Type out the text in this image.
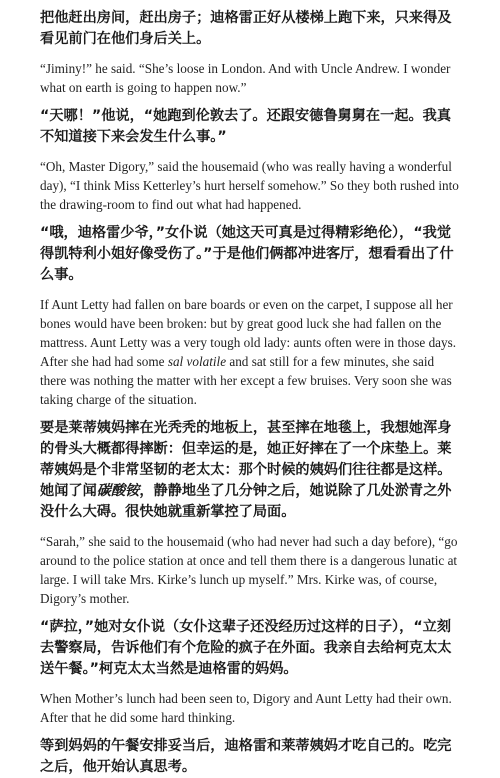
把他赶出房间，赶出房子；迪格雷正好从楼梯上跑下来，只来得及看见前门在他们身后关上。

“Jiminy!” he said. “She’s loose in London. And with Uncle Andrew. I wonder what on earth is going to happen now.”

“天哪！”他说，“她跑到伦敦去了。还跟安德鲁舅舅在一起。我真不知道接下来会发生什么事。”

“Oh, Master Digory,” said the housemaid (who was really having a wonderful day), “I think Miss Ketterley’s hurt herself somehow.” So they both rushed into the drawing-room to find out what had happened.

“哦，迪格雷少爷，”女仆说（她这天可真是过得精彩绝伦），“我觉得凯特利小姐好像受伤了。”于是他们俩都冲进客厅，想看看出了什么事。

If Aunt Letty had fallen on bare boards or even on the carpet, I suppose all her bones would have been broken: but by great good luck she had fallen on the mattress. Aunt Letty was a very tough old lady: aunts often were in those days. After she had had some sal volatile and sat still for a few minutes, she said there was nothing the matter with her except a few bruises. Very soon she was taking charge of the situation.

要是莱蒂姨妈摔在光秃秃的地板上，甚至摔在地毯上，我想她浑身的骨头大概都得摔断：但幸运的是，她正好摔在了一个床垫上。莱蒂姨妈是个非常坚韧的老太太：那个时候的姨妈们往往都是这样。她闻了闻碳酸铵，静静地坐了几分钟之后，她说除了几处淤青之外没什么大碍。很快她就重新掌控了局面。

“Sarah,” she said to the housemaid (who had never had such a day before), “go around to the police station at once and tell them there is a dangerous lunatic at large. I will take Mrs. Kirke’s lunch up myself.” Mrs. Kirke was, of course, Digory’s mother.

“萨拉，”她对女仆说（女仆这辈子还没经历过这样的日子），“立刻去警察局，告诉他们有个危险的疯子在外面。我亲自去给柯克太太送午餐。”柯克太太当然是迪格雷的妈妈。

When Mother’s lunch had been seen to, Digory and Aunt Letty had their own. After that he did some hard thinking.

等到妈妈的午餐安排妥当后，迪格雷和莱蒂姨妈才吃自己的。吃完之后，他开始认真思考。
